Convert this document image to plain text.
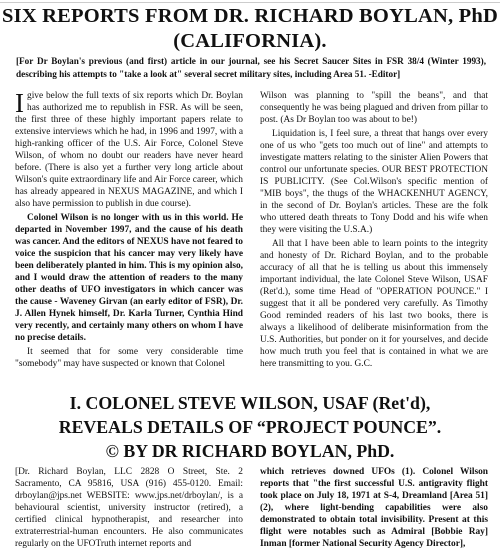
SIX REPORTS FROM DR. RICHARD BOYLAN, PhD
(CALIFORNIA).

[For Dr Boylan's previous (and first) article in our journal, see his Secret Saucer Sites in FSR 38/4 (Winter 1993), describing his attempts to "take a look at" several secret military sites, including Area 51. -Editor]

Igive below the full texts of six reports which Dr. Boylan has authorized me to republish in FSR. As will be seen, the first three of these highly important papers relate to extensive interviews which he had, in 1996 and 1997, with a high-ranking officer of the U.S. Air Force, Colonel Steve Wilson, of whom no doubt our readers have never heard before. (There is also yet a further very long article about Wilson's quite extraordinary life and Air Force career, which has already appeared in NEXUS MAGAZINE, and which I also have permission to publish in due course).

Colonel Wilson is no longer with us in this world. He departed in November 1997, and the cause of his death was cancer. And the editors of NEXUS have not feared to voice the suspicion that his cancer may very likely have been deliberately planted in him. This is my opinion also, and I would draw the attention of readers to the many other deaths of UFO investigators in which cancer was the cause - Waveney Girvan (an early editor of FSR), Dr. J. Allen Hynek himself, Dr. Karla Turner, Cynthia Hind very recently, and certainly many others on whom I have no precise details.

It seemed that for some very considerable time "somebody" may have suspected or known that Colonel

Wilson was planning to "spill the beans", and that consequently he was being plagued and driven from pillar to post. (As Dr Boylan too was about to be!)

Liquidation is, I feel sure, a threat that hangs over every one of us who "gets too much out of line" and attempts to investigate matters relating to the sinister Alien Powers that control our unfortunate species. OUR BEST PROTECTION IS PUBLICITY. (See Col.Wilson's specific mention of "MIB boys", the thugs of the WHACKENHUT AGENCY, in the second of Dr. Boylan's articles. These are the folk who uttered death threats to Tony Dodd and his wife when they were visiting the U.S.A.)

All that I have been able to learn points to the integrity and honesty of Dr. Richard Boylan, and to the probable accuracy of all that he is telling us about this immensely important individual, the late Colonel Steve Wilson, USAF (Ret'd.), some time Head of "OPERATION POUNCE." I suggest that it all be pondered very carefully. As Timothy Good reminded readers of his last two books, there is always a likelihood of deliberate misinformation from the U.S. Authorities, but ponder on it for yourselves, and decide how much truth you feel that is contained in what we are here transmitting to you. G.C.

I. COLONEL STEVE WILSON, USAF (Ret'd),
REVEALS DETAILS OF “PROJECT POUNCE”.
© BY DR RICHARD BOYLAN, PhD.

[Dr. Richard Boylan, LLC 2828 O Street, Ste. 2 Sacramento, CA 95816, USA (916) 455-0120. Email: drboylan@jps.net WEBSITE: www.jps.net/drboylan/, is a behavioural scientist, university instructor (retired), a certified clinical hypnotherapist, and researcher into extraterrestrial-human encounters. He also communicates regularly on the UFOTruth internet reports and

which retrieves downed UFOs (1). Colonel Wilson reports that "the first successful U.S. antigravity flight took place on July 18, 1971 at S-4, Dreamland [Area 51] (2), where light-bending capabilities were also demonstrated to obtain total invisibility. Present at this flight were notables such as Admiral [Bobbie Ray] Inman [former National Security Agency Director],
